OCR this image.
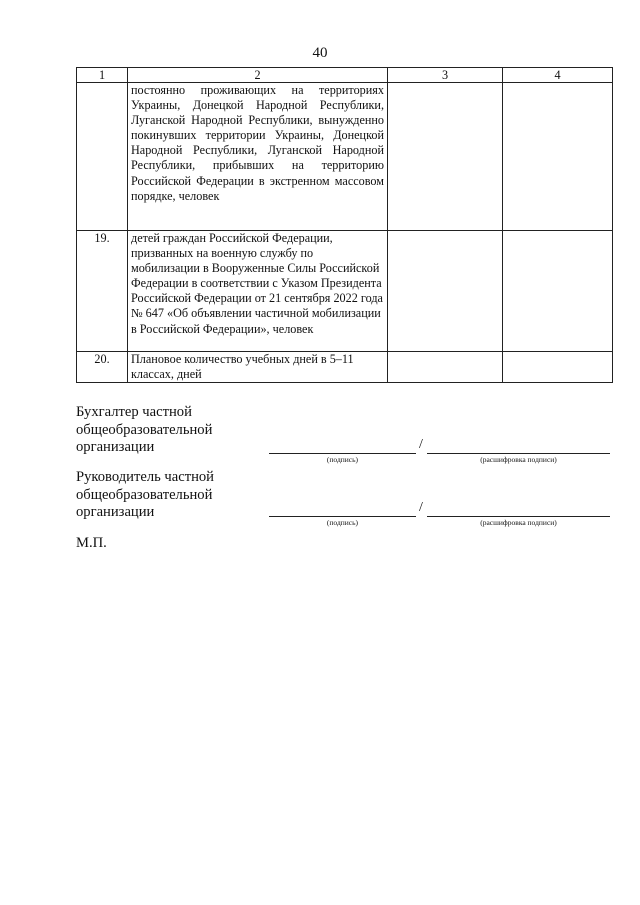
40
1	2	3	4
	постоянно проживающих на территориях Украины, Донецкой Народной Республики, Луганской Народной Республики, вынужденно покинувших территории Украины, Донецкой Народной Республики, Луганской Народной Республики, прибывших на территорию Российской Федерации в экстренном массовом порядке, человек		
19.	детей граждан Российской Федерации, призванных на военную службу по мобилизации в Вооруженные Силы Российской Федерации в соответствии с Указом Президента Российской Федерации от 21 сентября 2022 года № 647 «Об объявлении частичной мобилизации в Российской Федерации», человек		
20.	Плановое количество учебных дней в 5–11 классах, дней		
Бухгалтер частной общеобразовательной организации	/
(подпись)	(расшифровка подписи)
Руководитель частной общеобразовательной организации	/
(подпись)	(расшифровка подписи)
М.П.
